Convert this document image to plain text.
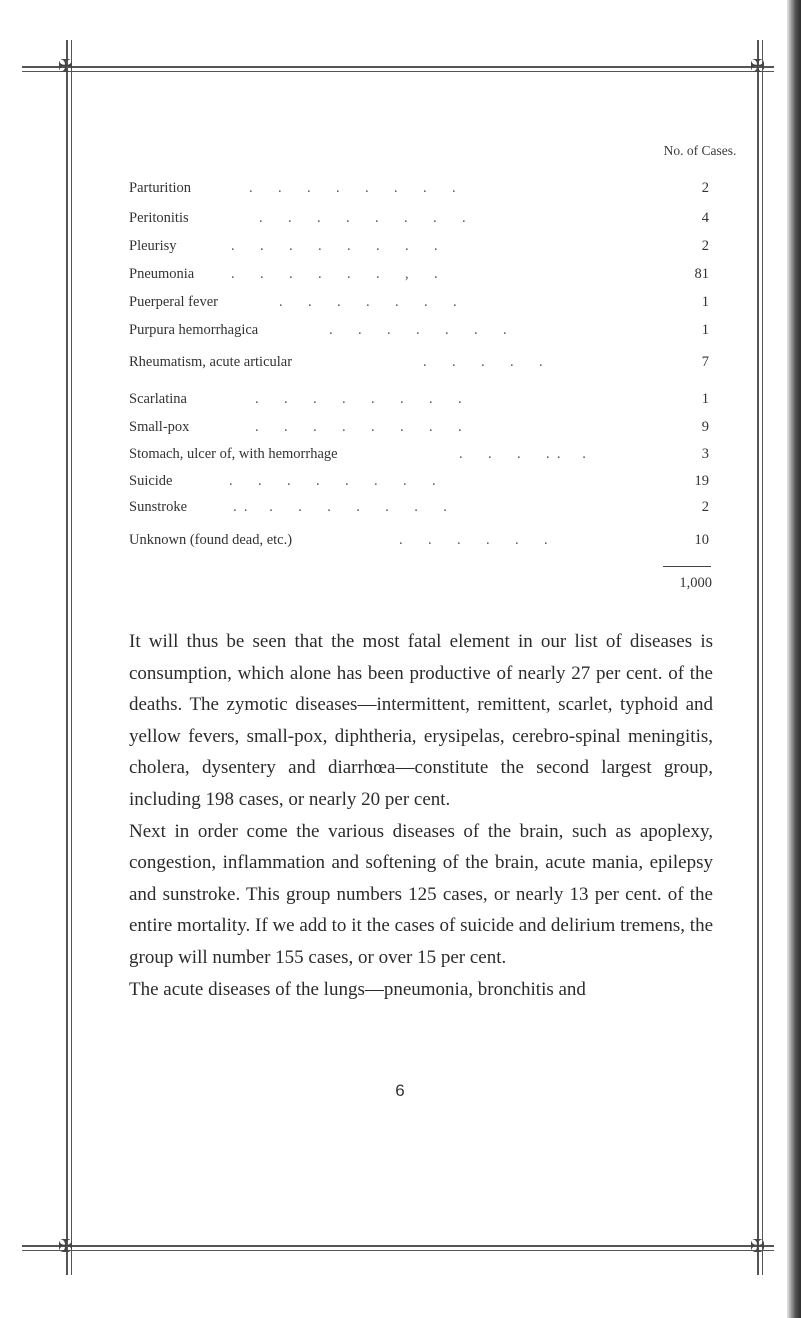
✠	✠
✠	✠
No. of Cases.
Parturition	.       .       .       .       .       .       .       .	2
Peritonitis	.       .       .       .       .       .       .       .	4
Pleurisy	.       .       .       .       .       .       .       .	2
Pneumonia	.       .       .       .       .       .       ,       .	81
Puerperal fever	.       .       .       .       .       .       .	1
Purpura hemorrhagica	.       .       .       .       .       .       .	1
Rheumatism, acute articular	.       .       .       .       .	7
Scarlatina	.       .       .       .       .       .       .       .	1
Small-pox	.       .       .       .       .       .       .       .	9
Stomach, ulcer of, with hemorrhage	.       .       .       .  .      .	3
Suicide	.       .       .       .       .       .       .       .	19
Sunstroke	.  .      .       .       .       .       .       .       .	2
Unknown (found dead, etc.)	.       .       .       .       .       .	10
1,000

It will thus be seen that the most fatal element in our list of diseases is consumption, which alone has been productive of nearly 27 per cent. of the deaths. The zymotic diseases—intermittent, remittent, scarlet, typhoid and yellow fevers, small-pox, diphtheria, erysipelas, cerebro-spinal meningitis, cholera, dysentery and diarrhœa—constitute the second largest group, including 198 cases, or nearly 20 per cent.

Next in order come the various diseases of the brain, such as apoplexy, congestion, inflammation and softening of the brain, acute mania, epilepsy and sunstroke. This group numbers 125 cases, or nearly 13 per cent. of the entire mortality. If we add to it the cases of suicide and delirium tremens, the group will number 155 cases, or over 15 per cent.

The acute diseases of the lungs—pneumonia, bronchitis and

6
